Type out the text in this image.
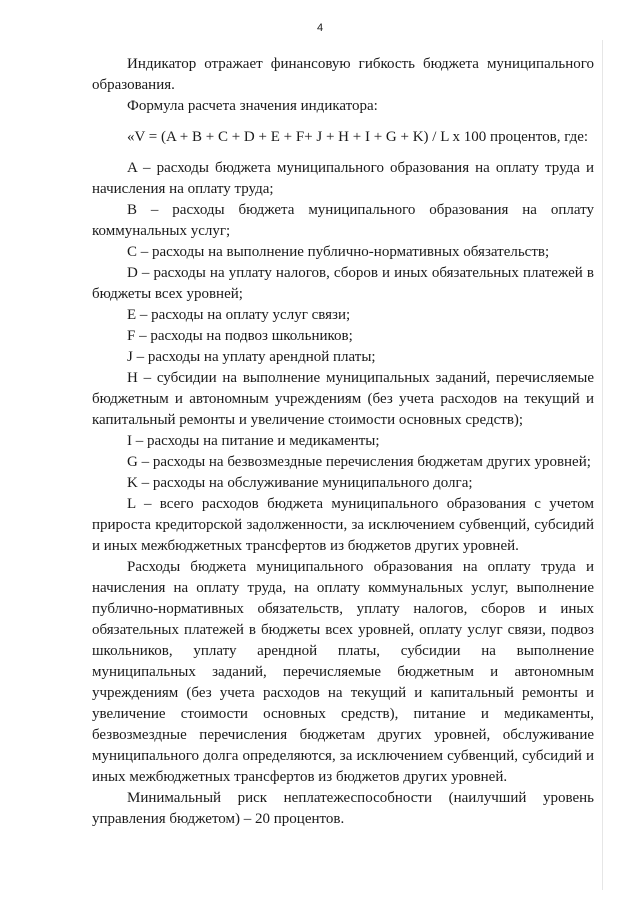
4

Индикатор отражает финансовую гибкость бюджета муниципального образования.

Формула расчета значения индикатора:

«V = (A + B + C + D + E + F+ J + H + I + G + K) / L x 100 процентов, где:

A – расходы бюджета муниципального образования на оплату труда и начисления на оплату труда;

B – расходы бюджета муниципального образования на оплату коммунальных услуг;

C – расходы на выполнение публично-нормативных обязательств;

D – расходы на уплату налогов, сборов и иных обязательных платежей в бюджеты всех уровней;

E – расходы на оплату услуг связи;

F – расходы на подвоз школьников;

J – расходы на уплату арендной платы;

H – субсидии на выполнение муниципальных заданий, перечисляемые бюджетным и автономным учреждениям (без учета расходов на текущий и капитальный ремонты и увеличение стоимости основных средств);

I – расходы на питание и медикаменты;

G – расходы на безвозмездные перечисления бюджетам других уровней;

K – расходы на обслуживание муниципального долга;

L – всего расходов бюджета муниципального образования с учетом прироста кредиторской задолженности, за исключением субвенций, субсидий и иных межбюджетных трансфертов из бюджетов других уровней.

Расходы бюджета муниципального образования на оплату труда и начисления на оплату труда, на оплату коммунальных услуг, выполнение публично-нормативных обязательств, уплату налогов, сборов и иных обязательных платежей в бюджеты всех уровней, оплату услуг связи, подвоз школьников, уплату арендной платы, субсидии на выполнение муниципальных заданий, перечисляемые бюджетным и автономным учреждениям (без учета расходов на текущий и капитальный ремонты и увеличение стоимости основных средств), питание и медикаменты, безвозмездные перечисления бюджетам других уровней, обслуживание муниципального долга определяются, за исключением субвенций, субсидий и иных межбюджетных трансфертов из бюджетов других уровней.

Минимальный риск неплатежеспособности (наилучший уровень управления бюджетом) – 20 процентов.
